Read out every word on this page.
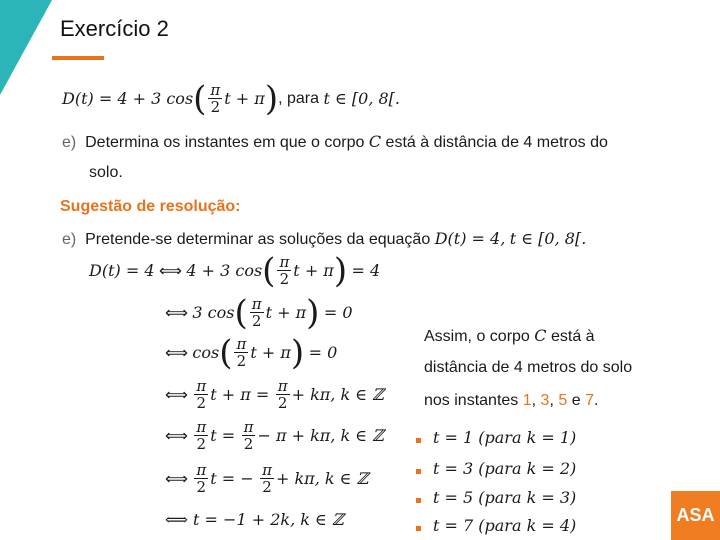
Exercício 2
D(t) = 4 + 3 cos ( $\frac{\pi}{2}$ t + π ) , para
t ∈ [0, 8[.
e) Determina os instantes em que o corpo C está à distância de 4 metros do
solo.
Sugestão de resolução:
e) Pretende-se determinar as soluções da equação D(t) = 4, t ∈ [0, 8[.
D(t) = 4
⟺
4 + 3 cos ( $\frac{\pi}{2}$ t + π )
= 4
⟺
3 cos ( $\frac{\pi}{2}$ t + π )
= 0
⟺
cos ( $\frac{\pi}{2}$ t + π )
= 0
⟺
$\frac{\pi}{2}$ t + π =
$\frac{\pi}{2} + k\pi$, k ∈ ℤ
⟺
$\frac{\pi}{2}$ t =
$\frac{\pi}{2} - \pi + k\pi$, k ∈ ℤ
⟺
$\frac{\pi}{2}$ t = −
$\frac{\pi}{2} + k\pi$, k ∈ ℤ
⟺ t = −1 + 2k, k ∈ ℤ
Assim, o corpo C está à
distância de 4 metros do solo
nos instantes 1, 3, 5 e 7.
t = 1 (para k = 1)
t = 3 (para k = 2)
t = 5 (para k = 3)
t = 7 (para k = 4)
ASA
